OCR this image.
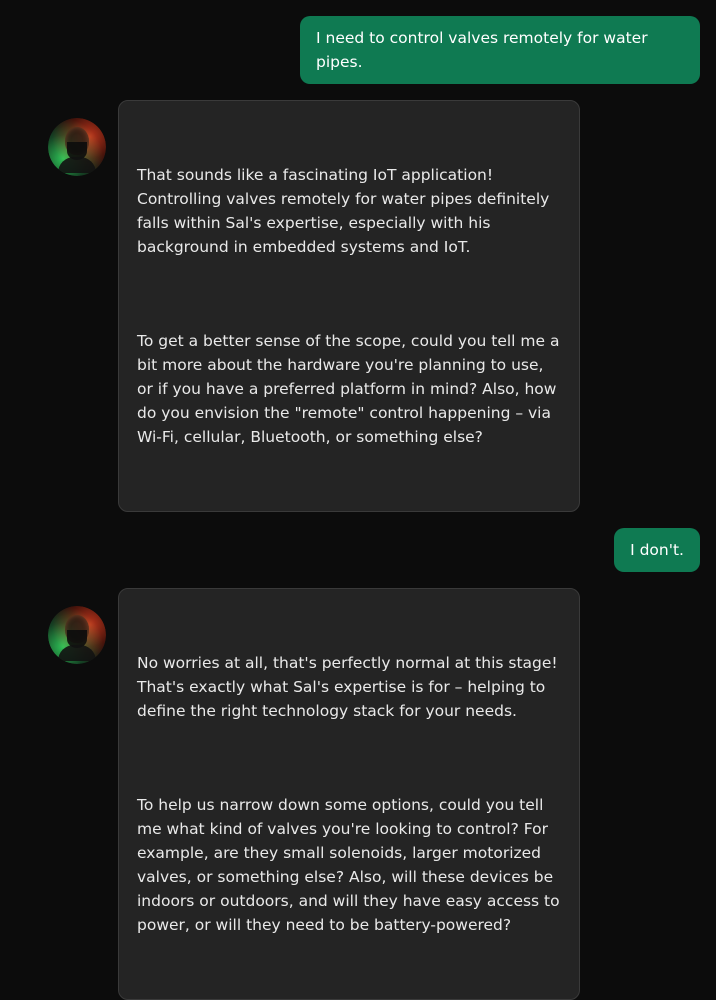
I need to control valves remotely for water pipes.

That sounds like a fascinating IoT application! Controlling valves remotely for water pipes definitely falls within Sal's expertise, especially with his background in embedded systems and IoT.

To get a better sense of the scope, could you tell me a bit more about the hardware you're planning to use, or if you have a preferred platform in mind? Also, how do you envision the "remote" control happening – via Wi-Fi, cellular, Bluetooth, or something else?

I don't.

No worries at all, that's perfectly normal at this stage! That's exactly what Sal's expertise is for – helping to define the right technology stack for your needs.

To help us narrow down some options, could you tell me what kind of valves you're looking to control? For example, are they small solenoids, larger motorized valves, or something else? Also, will these devices be indoors or outdoors, and will they have easy access to power, or will they need to be battery-powered?
